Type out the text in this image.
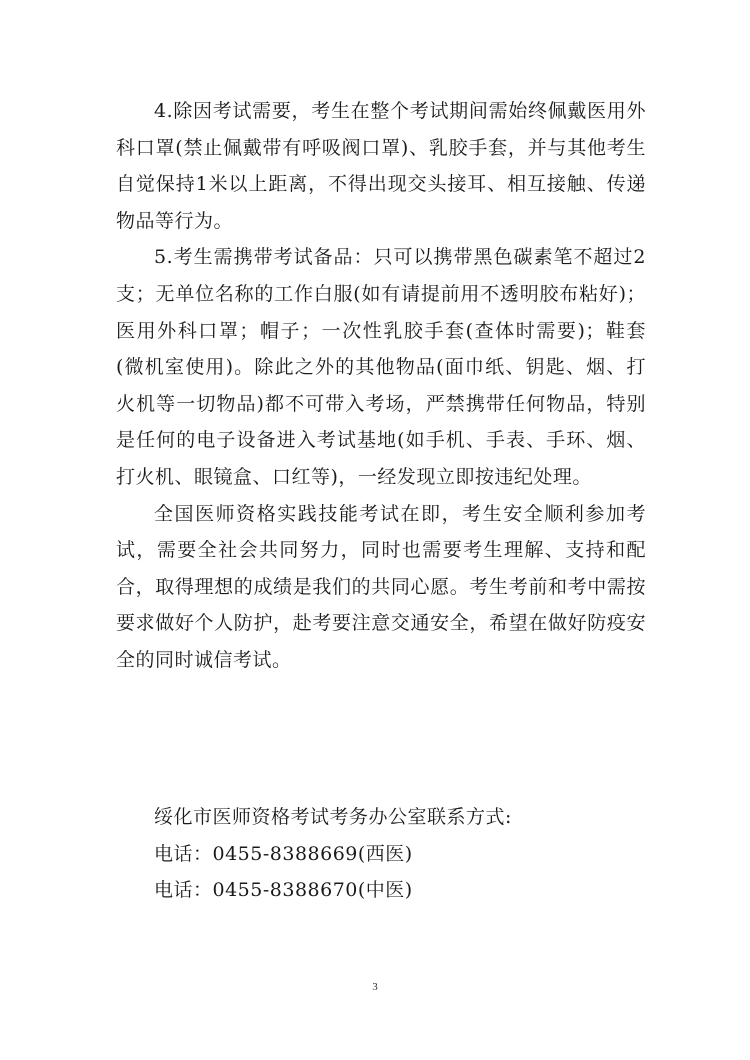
4.除因考试需要，考生在整个考试期间需始终佩戴医用外科口罩(禁止佩戴带有呼吸阀口罩)、乳胶手套，并与其他考生自觉保持1米以上距离，不得出现交头接耳、相互接触、传递物品等行为。

5.考生需携带考试备品：只可以携带黑色碳素笔不超过2支；无单位名称的工作白服(如有请提前用不透明胶布粘好)；医用外科口罩；帽子；一次性乳胶手套(查体时需要)；鞋套(微机室使用)。除此之外的其他物品(面巾纸、钥匙、烟、打火机等一切物品)都不可带入考场，严禁携带任何物品，特别是任何的电子设备进入考试基地(如手机、手表、手环、烟、打火机、眼镜盒、口红等)，一经发现立即按违纪处理。

全国医师资格实践技能考试在即，考生安全顺利参加考试，需要全社会共同努力，同时也需要考生理解、支持和配合，取得理想的成绩是我们的共同心愿。考生考前和考中需按要求做好个人防护，赴考要注意交通安全，希望在做好防疫安全的同时诚信考试。

绥化市医师资格考试考务办公室联系方式:

电话：0455-8388669(西医)

电话：0455-8388670(中医)

3
